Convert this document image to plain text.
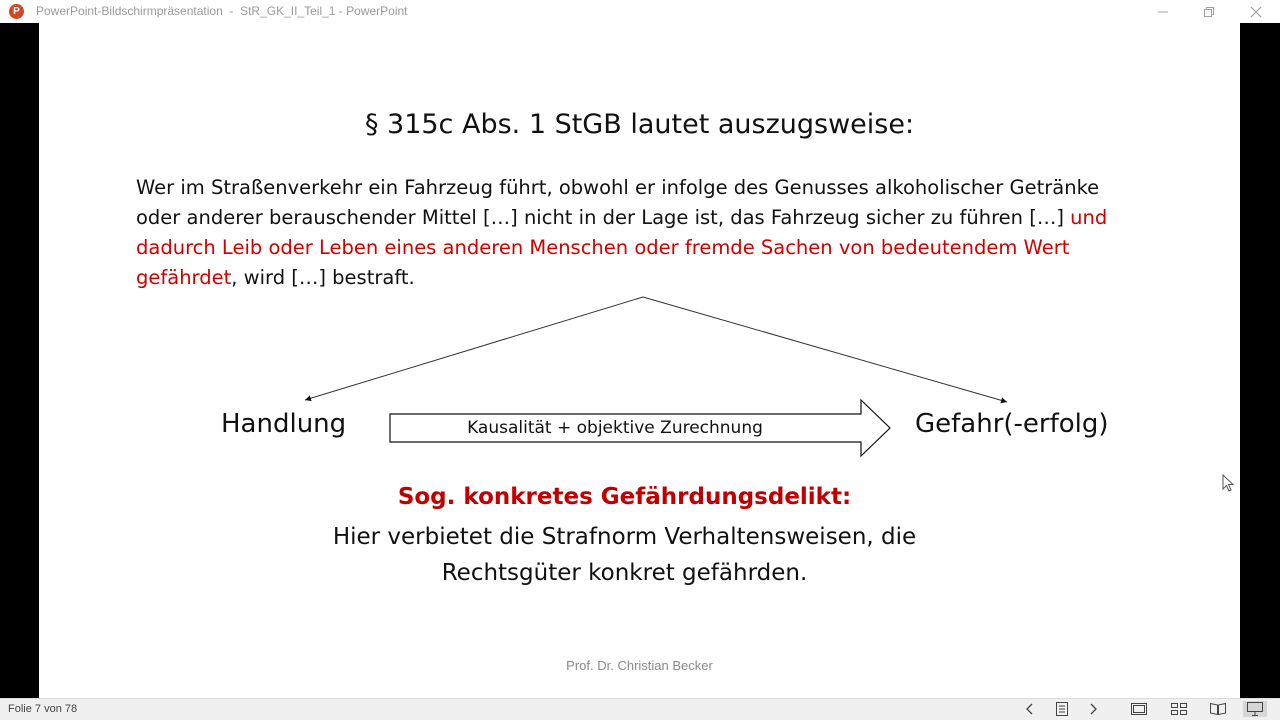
P	PowerPoint-Bildschirmpräsentation  -  StR_GK_II_Teil_1 - PowerPoint
§ 315c Abs. 1 StGB lautet auszugsweise:
Wer im Straßenverkehr ein Fahrzeug führt, obwohl er infolge des Genusses alkoholischer Getränke oder anderer berauschender Mittel […] nicht in der Lage ist, das Fahrzeug sicher zu führen […] und dadurch Leib oder Leben eines anderen Menschen oder fremde Sachen von bedeutendem Wert gefährdet, wird […] bestraft.
Handlung	Kausalität + objektive Zurechnung	Gefahr(-erfolg)
Sog. konkretes Gefährdungsdelikt:
Hier verbietet die Strafnorm Verhaltensweisen, die
Rechtsgüter konkret gefährden.
Prof. Dr. Christian Becker
Folie 7 von 78
